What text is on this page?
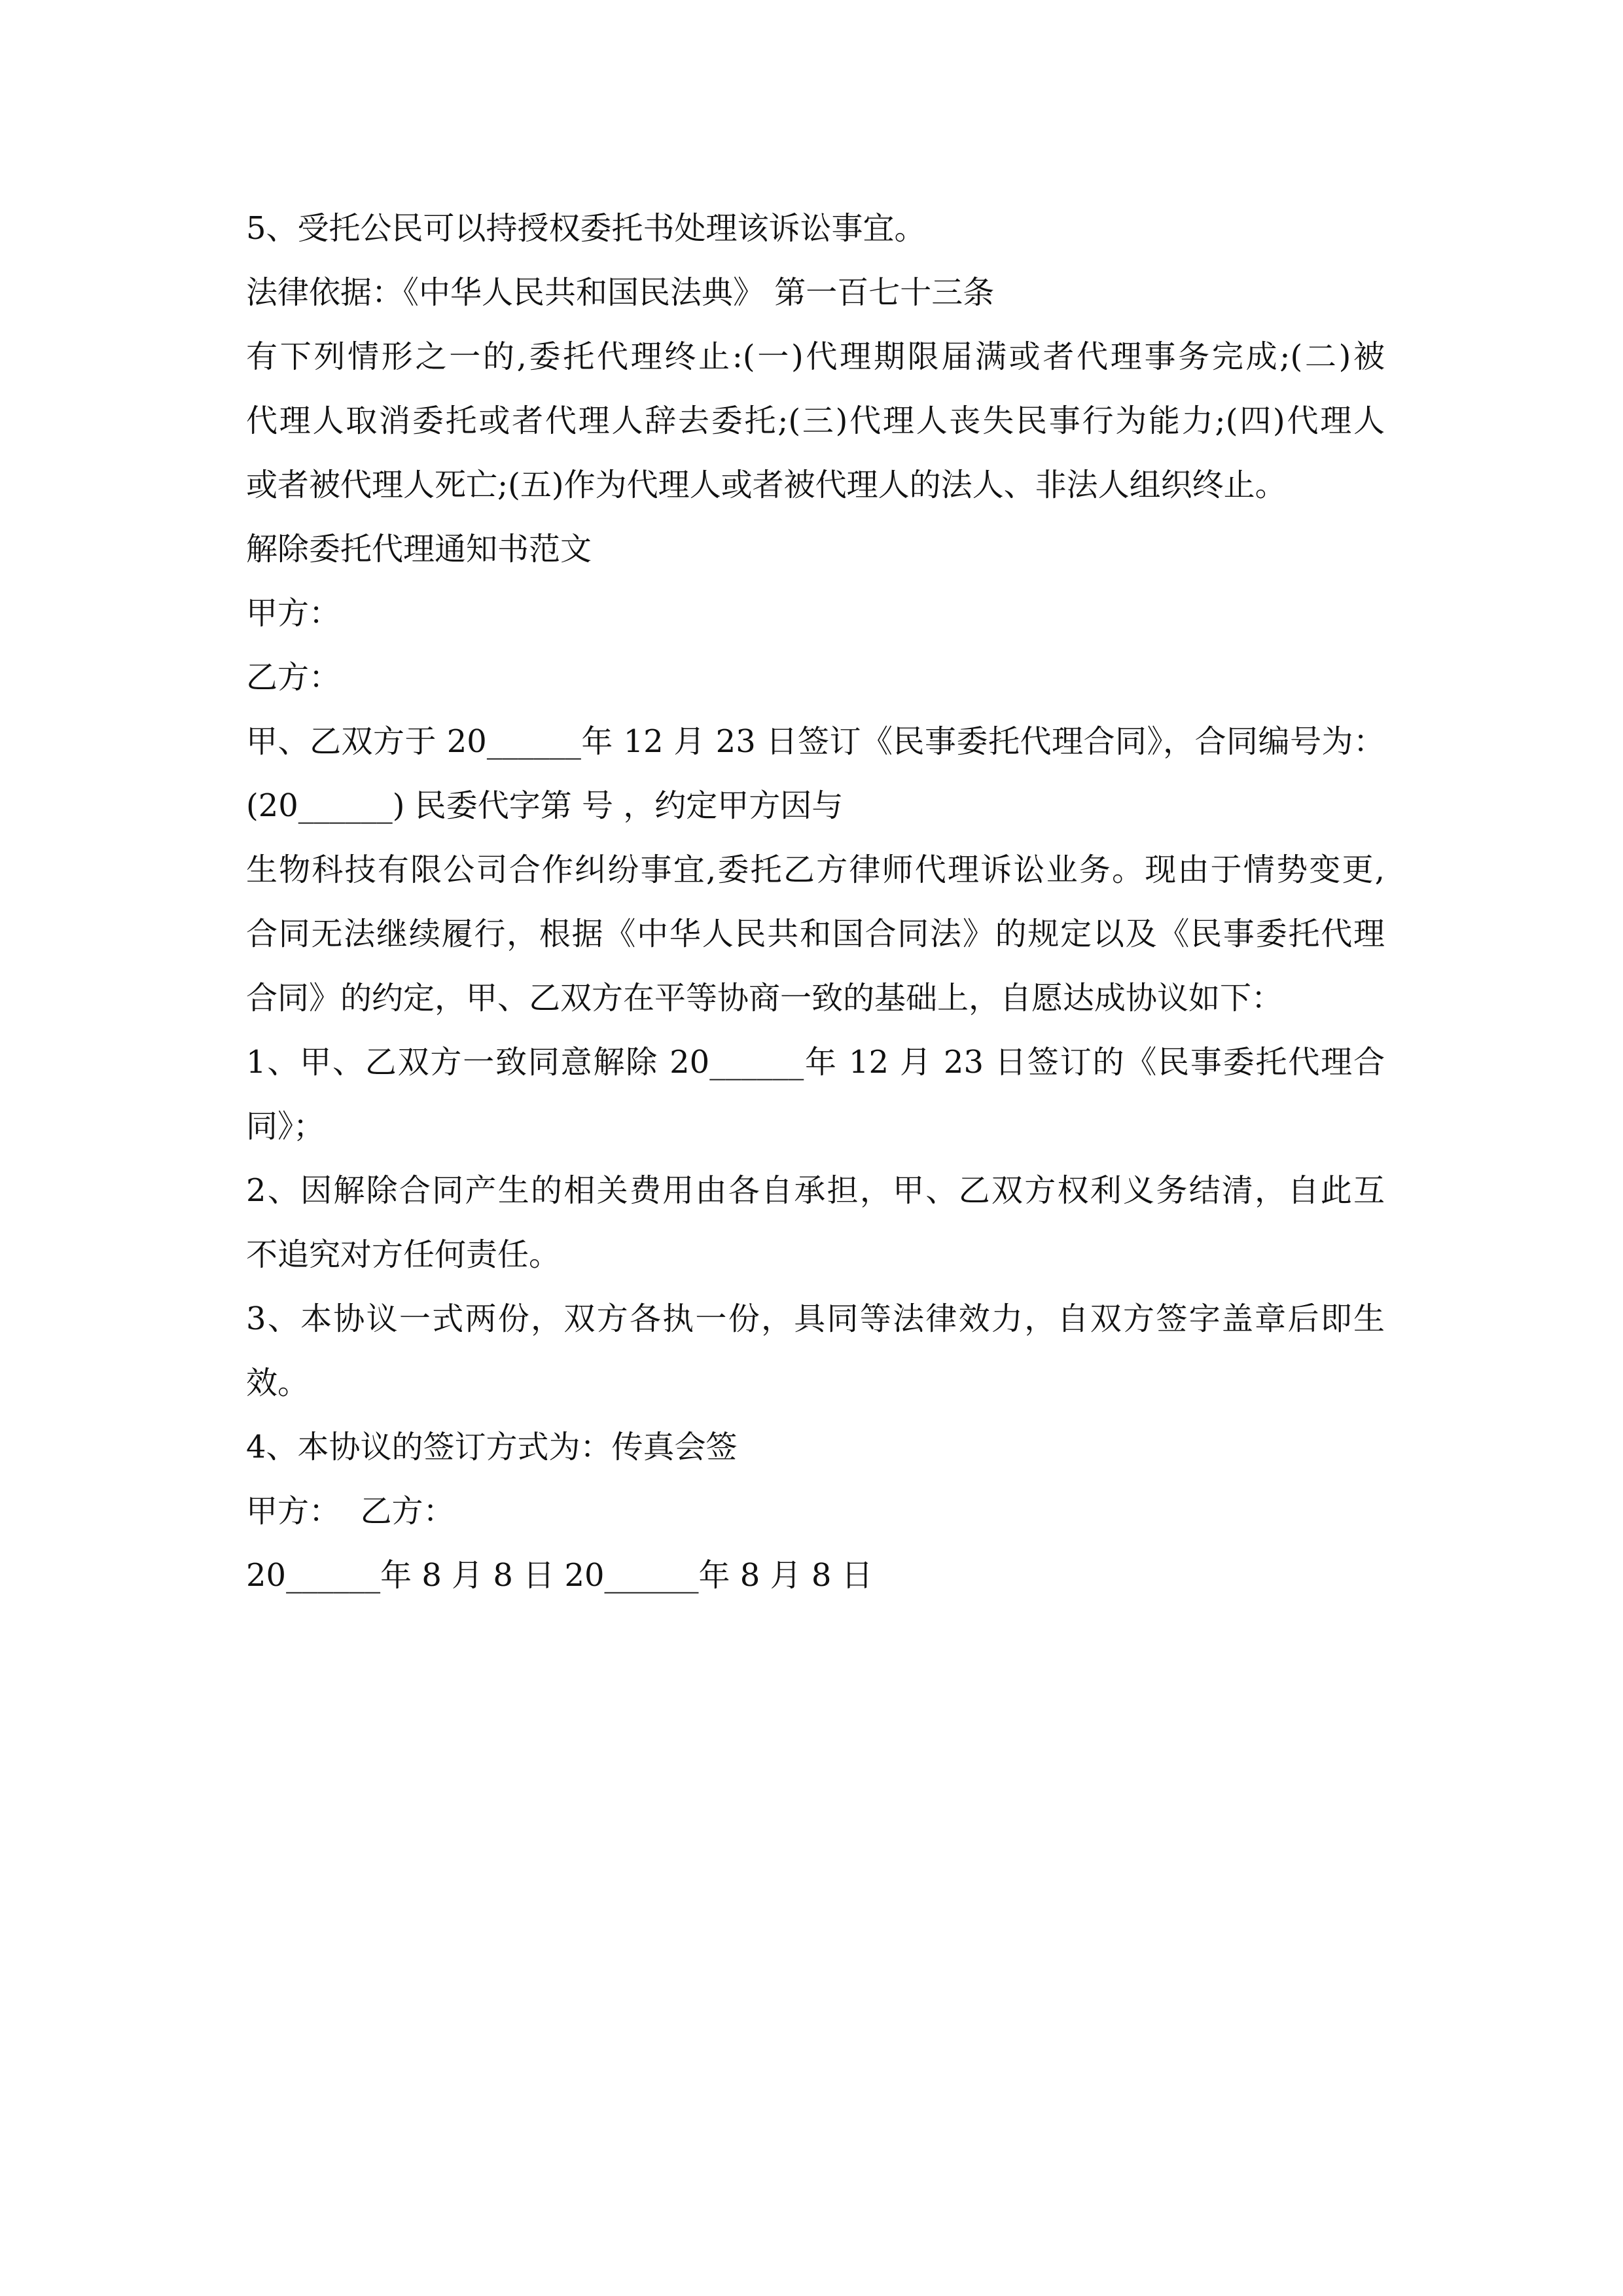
5、受托公民可以持授权委托书处理该诉讼事宜。
法律依据：《中华人民共和国民法典》 第一百七十三条
有下列情形之一的,委托代理终止:(一)代理期限届满或者代理事务完成;(二)被
代理人取消委托或者代理人辞去委托;(三)代理人丧失民事行为能力;(四)代理人
或者被代理人死亡;(五)作为代理人或者被代理人的法人、非法人组织终止。
解除委托代理通知书范文
甲方：
乙方：
甲、乙双方于 20______年 12 月 23 日签订《民事委托代理合同》，合同编号为：
(20______) 民委代字第 号 ，约定甲方因与
生物科技有限公司合作纠纷事宜,委托乙方律师代理诉讼业务。现由于情势变更,
合同无法继续履行，根据《中华人民共和国合同法》的规定以及《民事委托代理
合同》的约定，甲、乙双方在平等协商一致的基础上，自愿达成协议如下：
1、甲、乙双方一致同意解除 20______年 12 月 23 日签订的《民事委托代理合
同》；
2、因解除合同产生的相关费用由各自承担，甲、乙双方权利义务结清，自此互
不追究对方任何责任。
3、本协议一式两份，双方各执一份，具同等法律效力，自双方签字盖章后即生
效。
4、本协议的签订方式为：传真会签
甲方：  乙方：
20______年 8 月 8 日 20______年 8 月 8 日
